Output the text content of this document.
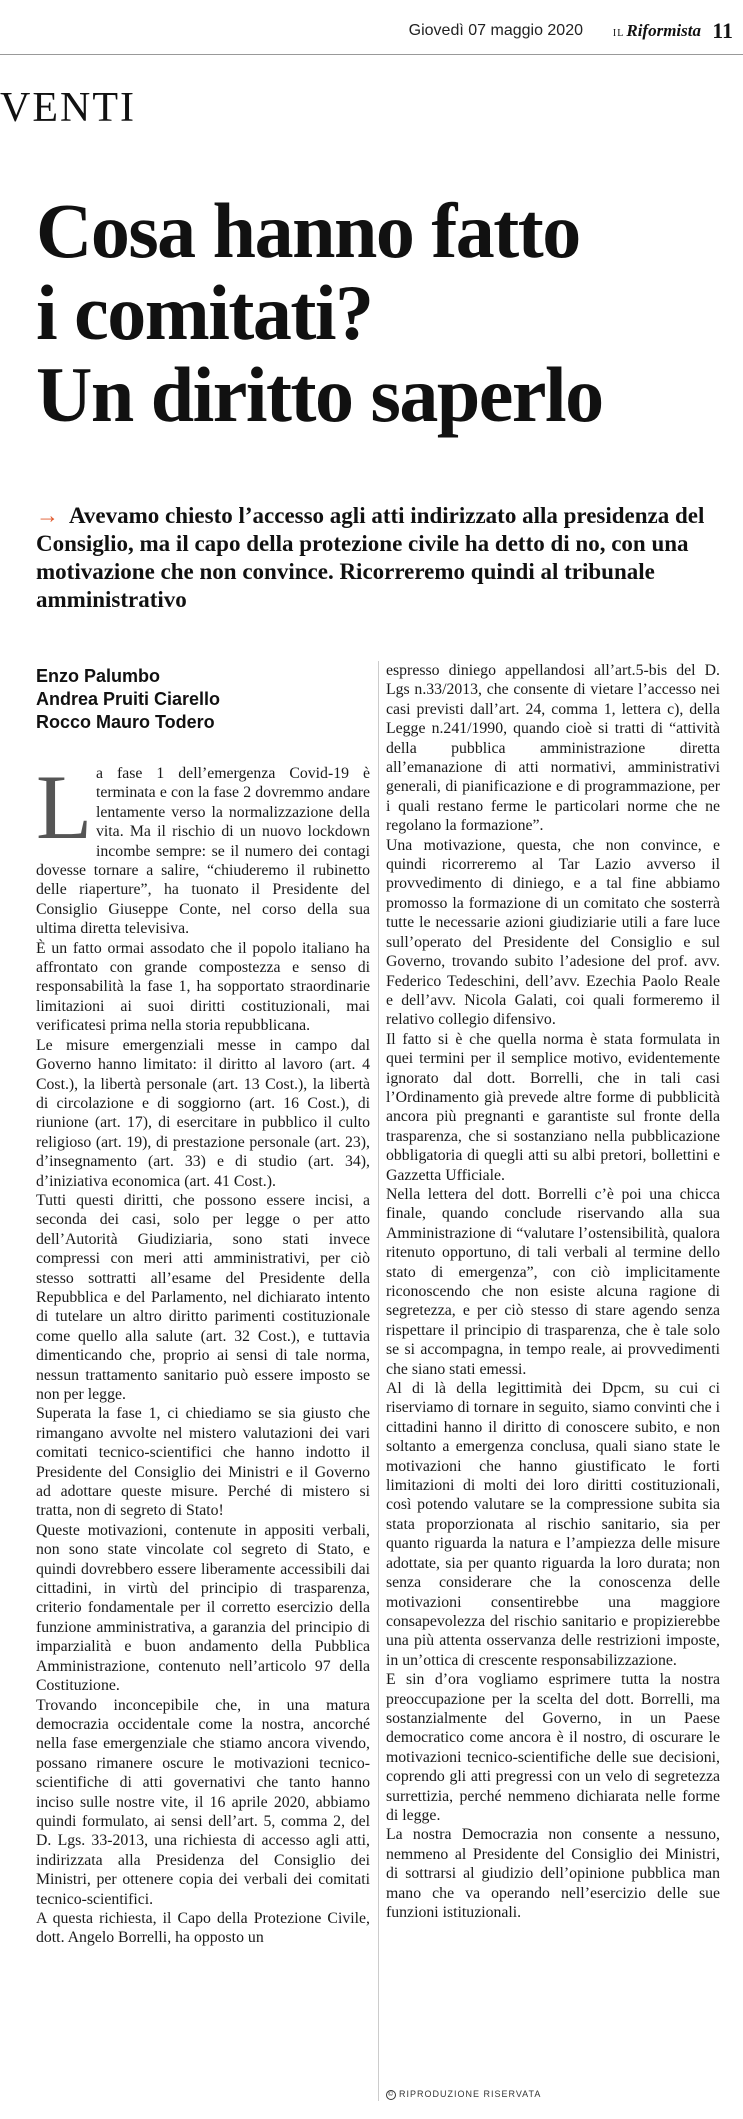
Giovedì 07 maggio 2020	IL Riformista 11
VENTI
Cosa hanno fatto
i comitati?
Un diritto saperlo
→ Avevamo chiesto l’accesso agli atti indirizzato alla presidenza del Consiglio, ma il capo della protezione civile ha detto di no, con una motivazione che non convince. Ricorreremo quindi al tribunale amministrativo
Enzo Palumbo
Andrea Pruiti Ciarello
Rocco Mauro Todero
L a fase 1 dell’emergenza Covid-19 è terminata e con la fase 2 dovremmo andare lentamente verso la normalizzazione della vita. Ma il rischio di un nuovo lockdown incombe sempre: se il numero dei contagi dovesse tornare a salire, “chiuderemo il rubinetto delle riaperture”, ha tuonato il Presidente del Consiglio Giuseppe Conte, nel corso della sua ultima diretta televisiva.

È un fatto ormai assodato che il popolo italiano ha affrontato con grande compostezza e senso di responsabilità la fase 1, ha sopportato straordinarie limitazioni ai suoi diritti costituzionali, mai verificatesi prima nella storia repubblicana.

Le misure emergenziali messe in campo dal Governo hanno limitato: il diritto al lavoro (art. 4 Cost.), la libertà personale (art. 13 Cost.), la libertà di circolazione e di soggiorno (art. 16 Cost.), di riunione (art. 17), di esercitare in pubblico il culto religioso (art. 19), di prestazione personale (art. 23), d’insegnamento (art. 33) e di studio (art. 34), d’iniziativa economica (art. 41 Cost.).

Tutti questi diritti, che possono essere incisi, a seconda dei casi, solo per legge o per atto dell’Autorità Giudiziaria, sono stati invece compressi con meri atti amministrativi, per ciò stesso sottratti all’esame del Presidente della Repubblica e del Parlamento, nel dichiarato intento di tutelare un altro diritto parimenti costituzionale come quello alla salute (art. 32 Cost.), e tuttavia dimenticando che, proprio ai sensi di tale norma, nessun trattamento sanitario può essere imposto se non per legge.

Superata la fase 1, ci chiediamo se sia giusto che rimangano avvolte nel mistero valutazioni dei vari comitati tecnico-scientifici che hanno indotto il Presidente del Consiglio dei Ministri e il Governo ad adottare queste misure. Perché di mistero si tratta, non di segreto di Stato!

Queste motivazioni, contenute in appositi verbali, non sono state vincolate col segreto di Stato, e quindi dovrebbero essere liberamente accessibili dai cittadini, in virtù del principio di trasparenza, criterio fondamentale per il corretto esercizio della funzione amministrativa, a garanzia del principio di imparzialità e buon andamento della Pubblica Amministrazione, contenuto nell’articolo 97 della Costituzione.

Trovando inconcepibile che, in una matura democrazia occidentale come la nostra, ancorché nella fase emergenziale che stiamo ancora vivendo, possano rimanere oscure le motivazioni tecnico-scientifiche di atti governativi che tanto hanno inciso sulle nostre vite, il 16 aprile 2020, abbiamo quindi formulato, ai sensi dell’art. 5, comma 2, del D. Lgs. 33-2013, una richiesta di accesso agli atti, indirizzata alla Presidenza del Consiglio dei Ministri, per ottenere copia dei verbali dei comitati tecnico-scientifici.

A questa richiesta, il Capo della Protezione Civile, dott. Angelo Borrelli, ha opposto un

espresso diniego appellandosi all’art.5-bis del D. Lgs n.33/2013, che consente di vietare l’accesso nei casi previsti dall’art. 24, comma 1, lettera c), della Legge n.241/1990, quando cioè si tratti di “attività della pubblica amministrazione diretta all’emanazione di atti normativi, amministrativi generali, di pianificazione e di programmazione, per i quali restano ferme le particolari norme che ne regolano la formazione”.

Una motivazione, questa, che non convince, e quindi ricorreremo al Tar Lazio avverso il provvedimento di diniego, e a tal fine abbiamo promosso la formazione di un comitato che sosterrà tutte le necessarie azioni giudiziarie utili a fare luce sull’operato del Presidente del Consiglio e sul Governo, trovando subito l’adesione del prof. avv. Federico Tedeschini, dell’avv. Ezechia Paolo Reale e dell’avv. Nicola Galati, coi quali formeremo il relativo collegio difensivo.

Il fatto si è che quella norma è stata formulata in quei termini per il semplice motivo, evidentemente ignorato dal dott. Borrelli, che in tali casi l’Ordinamento già prevede altre forme di pubblicità ancora più pregnanti e garantiste sul fronte della trasparenza, che si sostanziano nella pubblicazione obbligatoria di quegli atti su albi pretori, bollettini e Gazzetta Ufficiale.

Nella lettera del dott. Borrelli c’è poi una chicca finale, quando conclude riservando alla sua Amministrazione di “valutare l’ostensibilità, qualora ritenuto opportuno, di tali verbali al termine dello stato di emergenza”, con ciò implicitamente riconoscendo che non esiste alcuna ragione di segretezza, e per ciò stesso di stare agendo senza rispettare il principio di trasparenza, che è tale solo se si accompagna, in tempo reale, ai provvedimenti che siano stati emessi.

Al di là della legittimità dei Dpcm, su cui ci riserviamo di tornare in seguito, siamo convinti che i cittadini hanno il diritto di conoscere subito, e non soltanto a emergenza conclusa, quali siano state le motivazioni che hanno giustificato le forti limitazioni di molti dei loro diritti costituzionali, così potendo valutare se la compressione subita sia stata proporzionata al rischio sanitario, sia per quanto riguarda la natura e l’ampiezza delle misure adottate, sia per quanto riguarda la loro durata; non senza considerare che la conoscenza delle motivazioni consentirebbe una maggiore consapevolezza del rischio sanitario e propizierebbe una più attenta osservanza delle restrizioni imposte, in un’ottica di crescente responsabilizzazione.

E sin d’ora vogliamo esprimere tutta la nostra preoccupazione per la scelta del dott. Borrelli, ma sostanzialmente del Governo, in un Paese democratico come ancora è il nostro, di oscurare le motivazioni tecnico-scientifiche delle sue decisioni, coprendo gli atti pregressi con un velo di segretezza surrettizia, perché nemmeno dichiarata nelle forme di legge.

La nostra Democrazia non consente a nessuno, nemmeno al Presidente del Consiglio dei Ministri, di sottrarsi al giudizio dell’opinione pubblica man mano che va operando nell’esercizio delle sue funzioni istituzionali.

© RIPRODUZIONE RISERVATA
